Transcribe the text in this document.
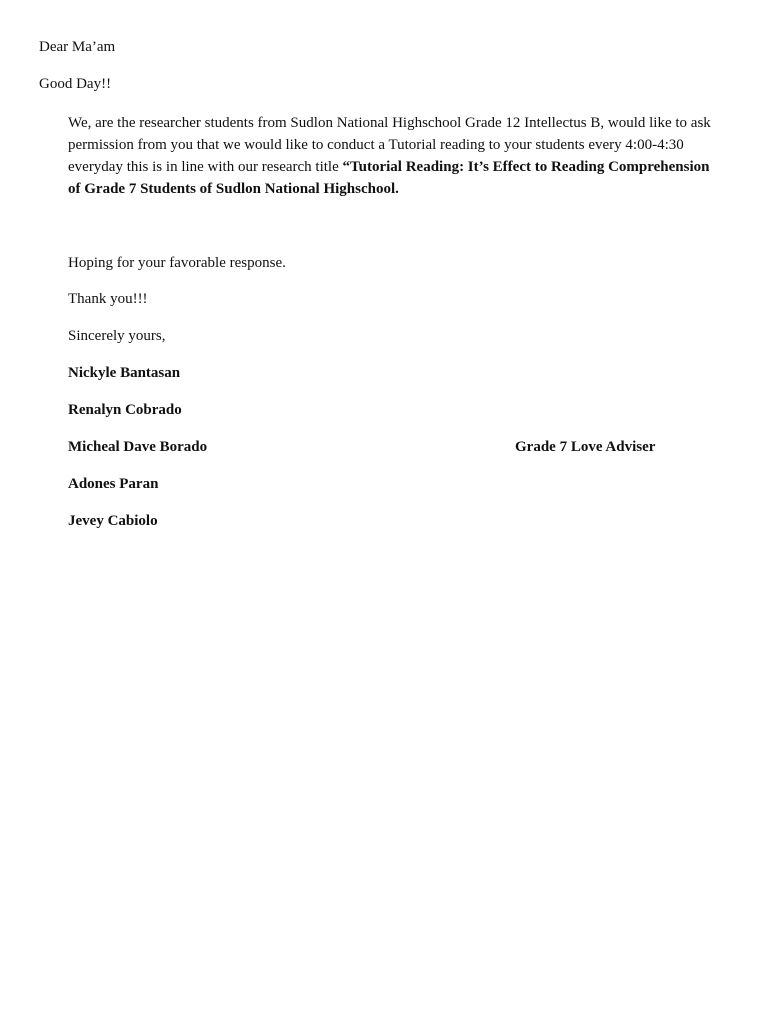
Dear Ma’am
Good Day!!
We, are the researcher students from Sudlon National Highschool Grade 12 Intellectus B, would like to ask permission from you that we would like to conduct a Tutorial reading to your students every 4:00-4:30 everyday this is in line with our research title “Tutorial Reading: It’s Effect to Reading Comprehension of Grade 7 Students of Sudlon National Highschool.
Hoping for your favorable response.
Thank you!!!
Sincerely yours,
Nickyle Bantasan
Renalyn Cobrado
Micheal Dave Borado	Grade 7 Love Adviser
Adones Paran
Jevey Cabiolo
